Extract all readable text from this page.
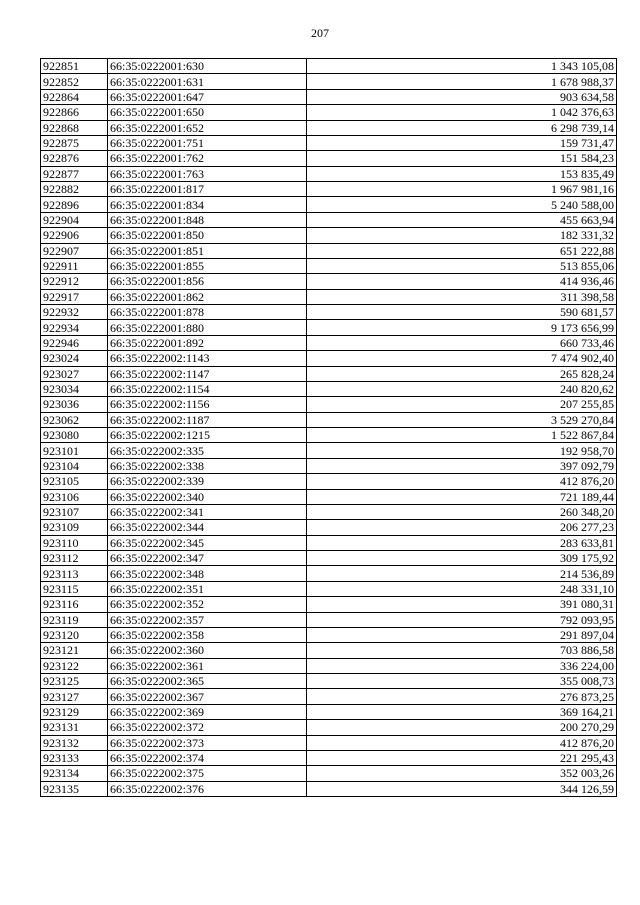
207
922851	66:35:0222001:630	1 343 105,08
922852	66:35:0222001:631	1 678 988,37
922864	66:35:0222001:647	903 634,58
922866	66:35:0222001:650	1 042 376,63
922868	66:35:0222001:652	6 298 739,14
922875	66:35:0222001:751	159 731,47
922876	66:35:0222001:762	151 584,23
922877	66:35:0222001:763	153 835,49
922882	66:35:0222001:817	1 967 981,16
922896	66:35:0222001:834	5 240 588,00
922904	66:35:0222001:848	455 663,94
922906	66:35:0222001:850	182 331,32
922907	66:35:0222001:851	651 222,88
922911	66:35:0222001:855	513 855,06
922912	66:35:0222001:856	414 936,46
922917	66:35:0222001:862	311 398,58
922932	66:35:0222001:878	590 681,57
922934	66:35:0222001:880	9 173 656,99
922946	66:35:0222001:892	660 733,46
923024	66:35:0222002:1143	7 474 902,40
923027	66:35:0222002:1147	265 828,24
923034	66:35:0222002:1154	240 820,62
923036	66:35:0222002:1156	207 255,85
923062	66:35:0222002:1187	3 529 270,84
923080	66:35:0222002:1215	1 522 867,84
923101	66:35:0222002:335	192 958,70
923104	66:35:0222002:338	397 092,79
923105	66:35:0222002:339	412 876,20
923106	66:35:0222002:340	721 189,44
923107	66:35:0222002:341	260 348,20
923109	66:35:0222002:344	206 277,23
923110	66:35:0222002:345	283 633,81
923112	66:35:0222002:347	309 175,92
923113	66:35:0222002:348	214 536,89
923115	66:35:0222002:351	248 331,10
923116	66:35:0222002:352	391 080,31
923119	66:35:0222002:357	792 093,95
923120	66:35:0222002:358	291 897,04
923121	66:35:0222002:360	703 886,58
923122	66:35:0222002:361	336 224,00
923125	66:35:0222002:365	355 008,73
923127	66:35:0222002:367	276 873,25
923129	66:35:0222002:369	369 164,21
923131	66:35:0222002:372	200 270,29
923132	66:35:0222002:373	412 876,20
923133	66:35:0222002:374	221 295,43
923134	66:35:0222002:375	352 003,26
923135	66:35:0222002:376	344 126,59
